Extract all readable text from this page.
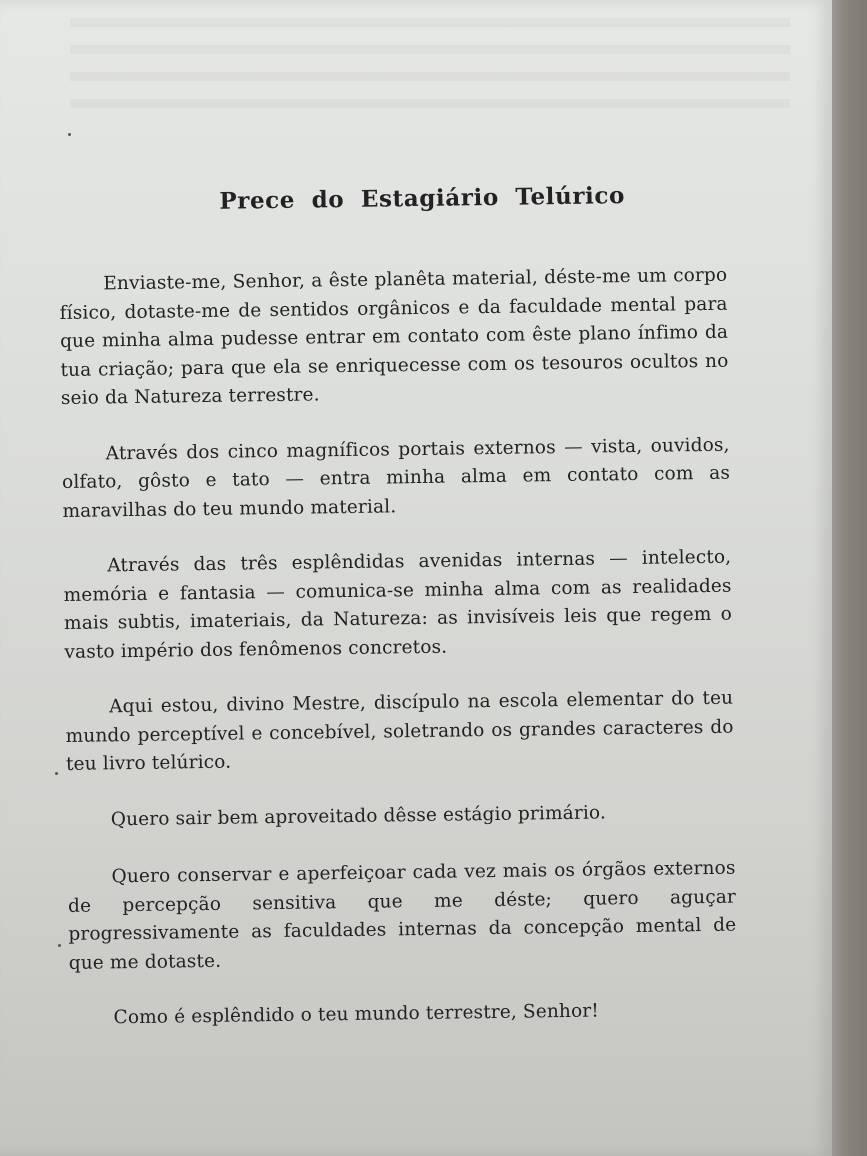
Prece do Estagiário Telúrico

Enviaste-me, Senhor, a êste planêta material, déste-me um corpo físico, dotaste-me de sentidos orgânicos e da faculdade mental para que minha alma pudesse entrar em contato com êste plano ínfimo da tua criação; para que ela se enriquecesse com os tesouros ocultos no seio da Natureza terrestre.

Através dos cinco magníficos portais externos — vista, ouvidos, olfato, gôsto e tato — entra minha alma em contato com as maravilhas do teu mundo material.

Através das três esplêndidas avenidas internas — intelecto, memória e fantasia — comunica-se minha alma com as realidades mais subtis, imateriais, da Natureza: as invisíveis leis que regem o vasto império dos fenômenos concretos.

Aqui estou, divino Mestre, discípulo na escola elementar do teu mundo perceptível e concebível, soletrando os grandes caracteres do teu livro telúrico.

Quero sair bem aproveitado dêsse estágio primário.

Quero conservar e aperfeiçoar cada vez mais os órgãos externos de percepção sensitiva que me déste; quero aguçar progressivamente as faculdades internas da concepção mental de que me dotaste.

Como é esplêndido o teu mundo terrestre, Senhor!
